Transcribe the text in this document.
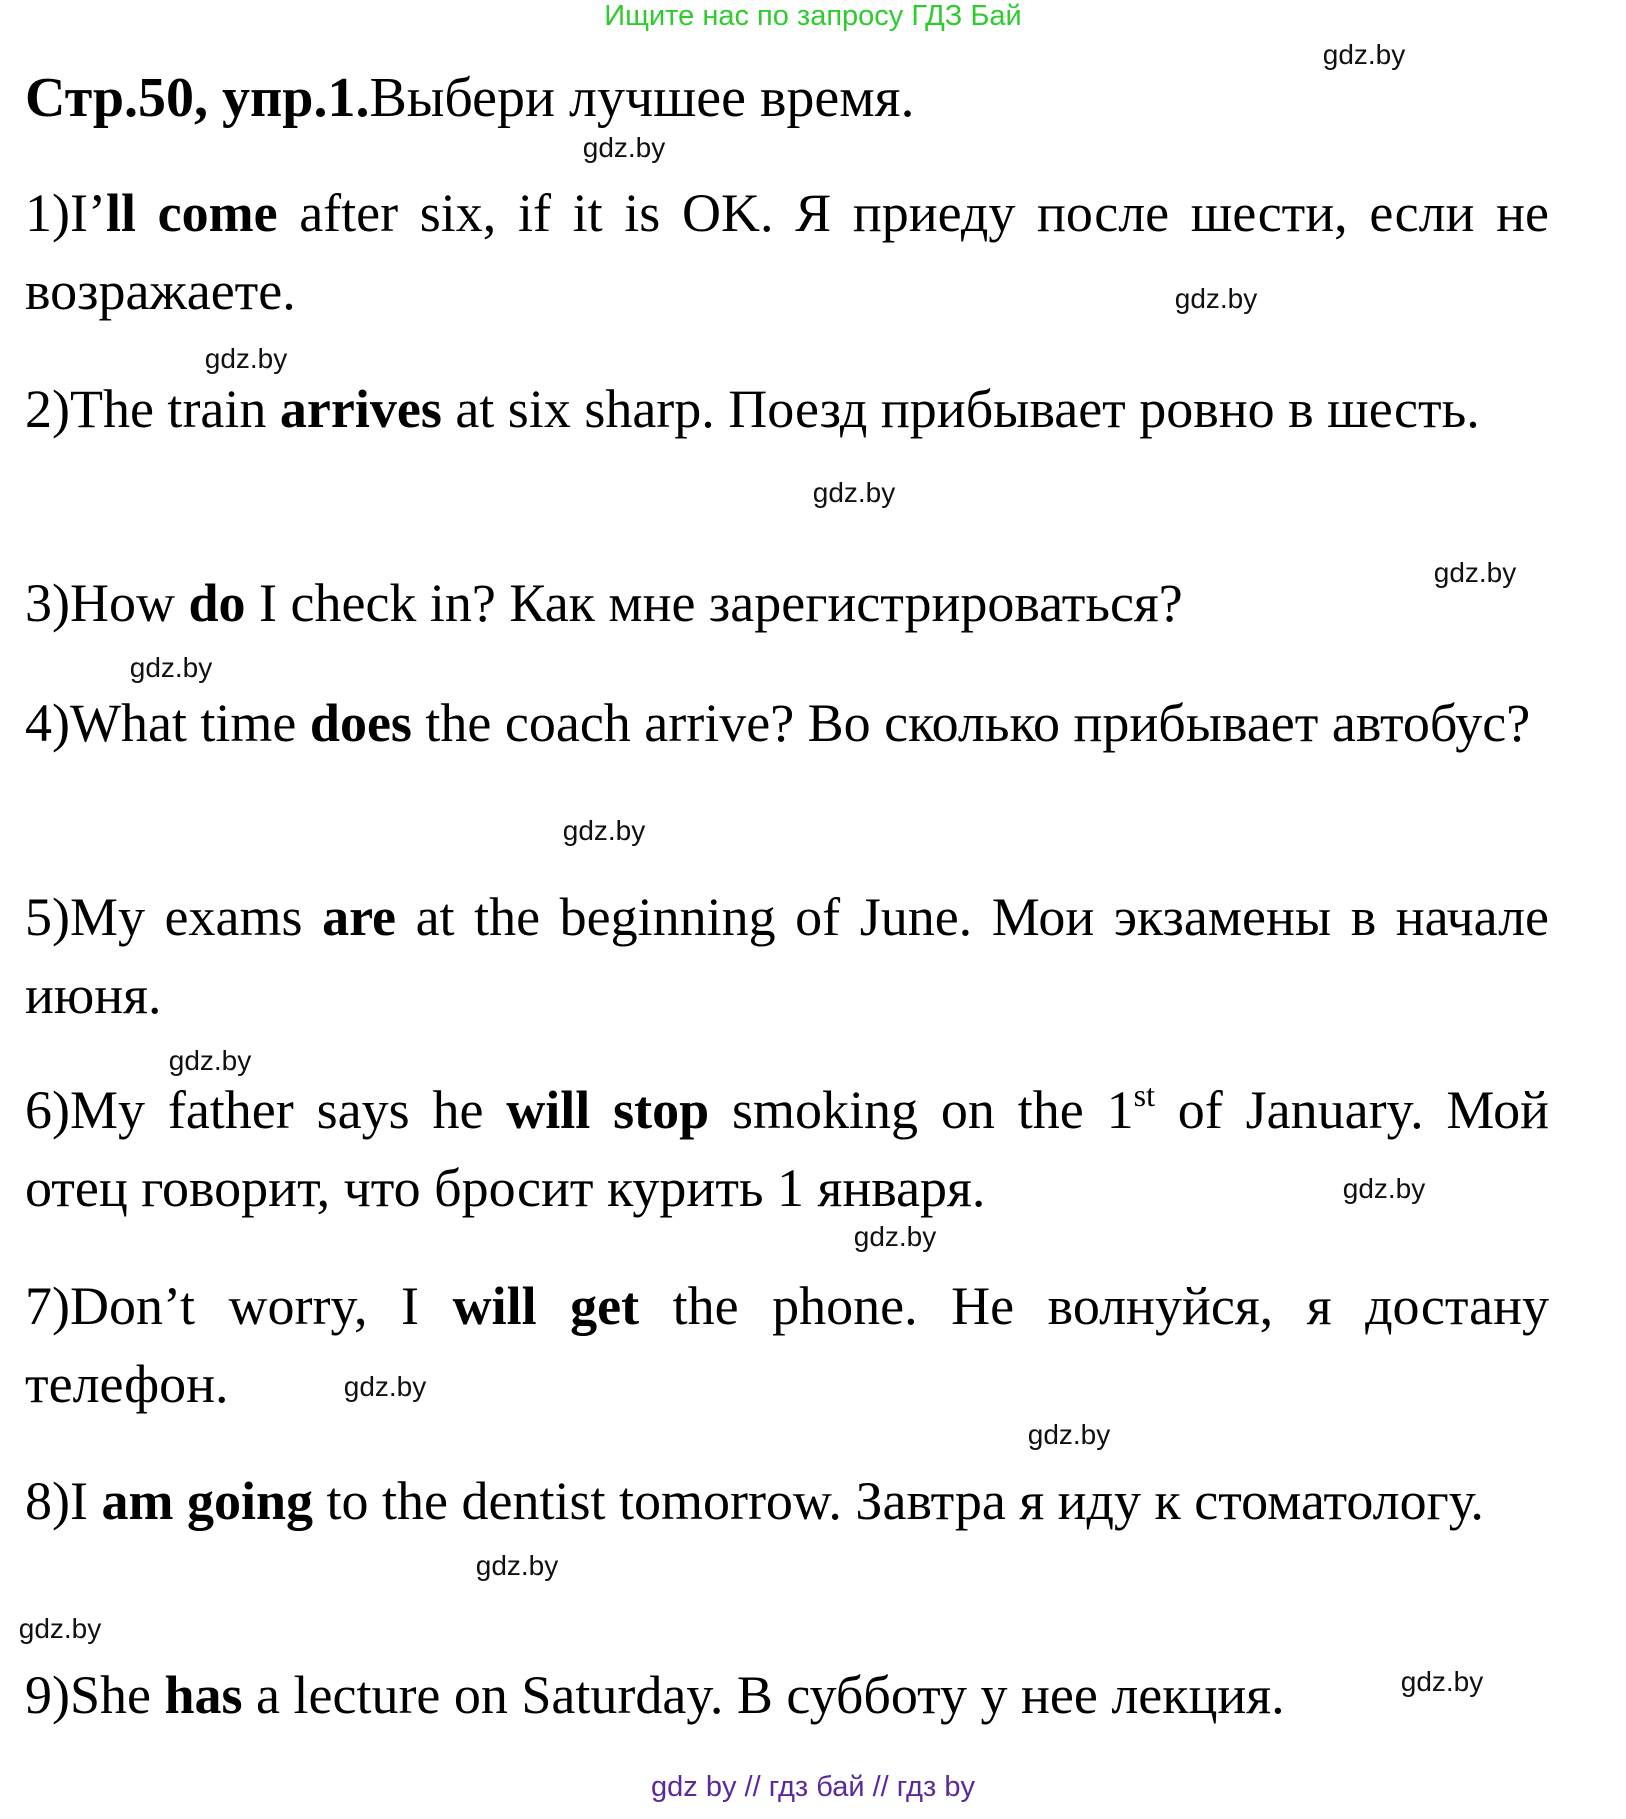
Ищите нас по запросу ГДЗ Бай
Стр.50, упр.1.Выбери лучшее время.
1)I’ll come after six, if it is OK. Я приеду после шести, если не возражаете.
2)The train arrives at six sharp. Поезд прибывает ровно в шесть.
3)How do I check in? Как мне зарегистрироваться?
4)What time does the coach arrive? Во сколько прибывает автобус?
5)My exams are at the beginning of June. Мои экзамены в начале июня.
6)My father says he will stop smoking on the 1st of January. Мой отец говорит, что бросит курить 1 января.
7)Don’t worry, I will get the phone. Не волнуйся, я достану телефон.
8)I am going to the dentist tomorrow. Завтра я иду к стоматологу.
9)She has a lecture on Saturday. В субботу у нее лекция.
gdz.by
gdz.by
gdz.by
gdz.by
gdz.by
gdz.by
gdz.by
gdz.by
gdz.by
gdz.by
gdz.by
gdz.by
gdz.by
gdz.by
gdz.by
gdz.by
gdz by // гдз бай // гдз by
